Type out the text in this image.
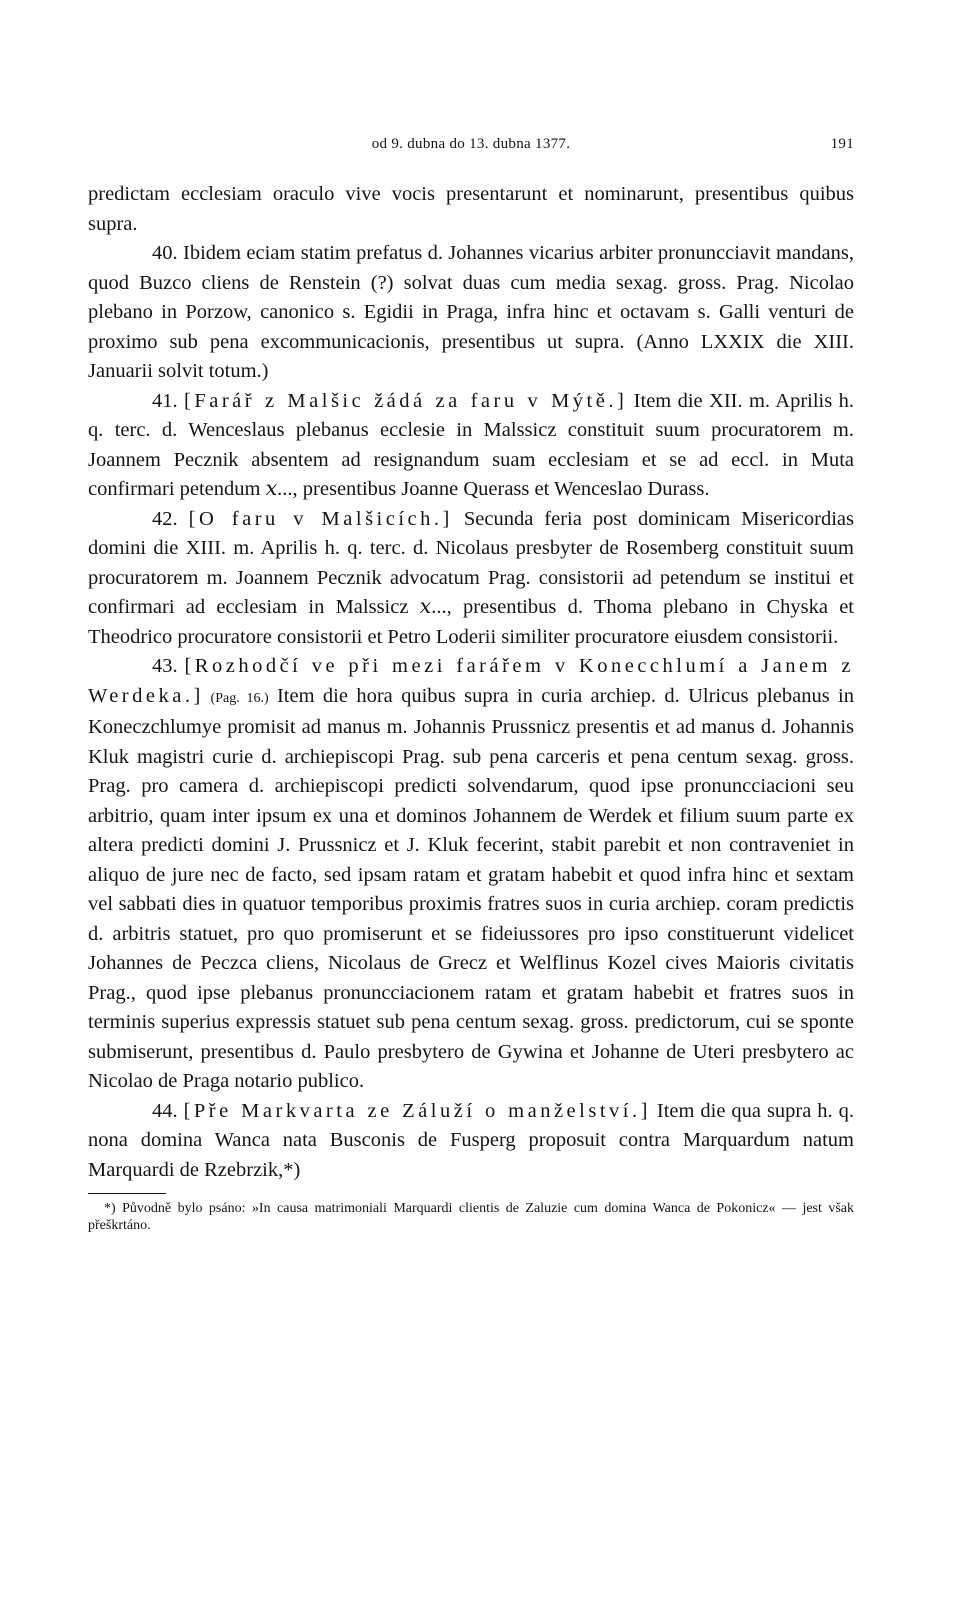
od 9. dubna do 13. dubna 1377.	191

predictam ecclesiam oraculo vive vocis presentarunt et nominarunt, presentibus quibus supra.

40. Ibidem eciam statim prefatus d. Johannes vicarius arbiter pronuncciavit mandans, quod Buzco cliens de Renstein (?) solvat duas cum media sexag. gross. Prag. Nicolao plebano in Porzow, canonico s. Egidii in Praga, infra hinc et octavam s. Galli venturi de proximo sub pena excommunicacionis, presentibus ut supra. (Anno LXXIX die XIII. Januarii solvit totum.)

41. [Farář z Malšic žádá za faru v Mýtě.] Item die XII. m. Aprilis h. q. terc. d. Wenceslaus plebanus ecclesie in Malssicz constituit suum procuratorem m. Joannem Pecznik absentem ad resignandum suam ecclesiam et se ad eccl. in Muta confirmari petendum 𝑥..., presentibus Joanne Querass et Wenceslao Durass.

42. [O faru v Malšicích.] Secunda feria post dominicam Misericordias domini die XIII. m. Aprilis h. q. terc. d. Nicolaus presbyter de Rosemberg constituit suum procuratorem m. Joannem Pecznik advocatum Prag. consistorii ad petendum se institui et confirmari ad ecclesiam in Malssicz 𝑥..., presentibus d. Thoma plebano in Chyska et Theodrico procuratore consistorii et Petro Loderii similiter procuratore eiusdem consistorii.

43. [Rozhodčí ve při mezi farářem v Konecchlumí a Janem z Werdeka.] (Pag. 16.) Item die hora quibus supra in curia archiep. d. Ulricus plebanus in Koneczchlumye promisit ad manus m. Johannis Prussnicz presentis et ad manus d. Johannis Kluk magistri curie d. archiepiscopi Prag. sub pena carceris et pena centum sexag. gross. Prag. pro camera d. archiepiscopi predicti solvendarum, quod ipse pronuncciacioni seu arbitrio, quam inter ipsum ex una et dominos Johannem de Werdek et filium suum parte ex altera predicti domini J. Prussnicz et J. Kluk fecerint, stabit parebit et non contraveniet in aliquo de jure nec de facto, sed ipsam ratam et gratam habebit et quod infra hinc et sextam vel sabbati dies in quatuor temporibus proximis fratres suos in curia archiep. coram predictis d. arbitris statuet, pro quo promiserunt et se fideiussores pro ipso constituerunt videlicet Johannes de Peczca cliens, Nicolaus de Grecz et Welflinus Kozel cives Maioris civitatis Prag., quod ipse plebanus pronuncciacionem ratam et gratam habebit et fratres suos in terminis superius expressis statuet sub pena centum sexag. gross. predictorum, cui se sponte submiserunt, presentibus d. Paulo presbytero de Gywina et Johanne de Uteri presbytero ac Nicolao de Praga notario publico.

44. [Pře Markvarta ze Záluží o manželství.] Item die qua supra h. q. nona domina Wanca nata Busconis de Fusperg proposuit contra Marquardum natum Marquardi de Rzebrzik,*)

*) Původně bylo psáno: »In causa matrimoniali Marquardi clientis de Zaluzie cum domina Wanca de Pokonicz« — jest však přeškrtáno.
